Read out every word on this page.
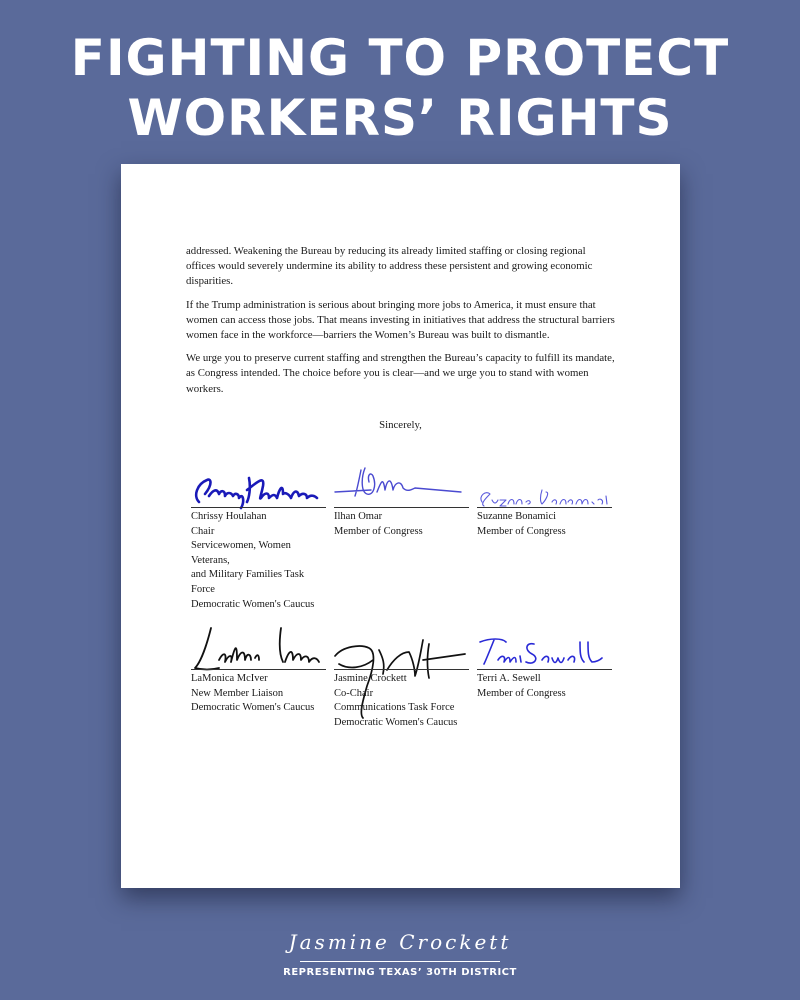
FIGHTING TO PROTECT
WORKERS’ RIGHTS

addressed. Weakening the Bureau by reducing its already limited staffing or closing regional offices would severely undermine its ability to address these persistent and growing economic disparities.

If the Trump administration is serious about bringing more jobs to America, it must ensure that women can access those jobs. That means investing in initiatives that address the structural barriers women face in the workforce—barriers the Women’s Bureau was built to dismantle.

We urge you to preserve current staffing and strengthen the Bureau’s capacity to fulfill its mandate, as Congress intended. The choice before you is clear—and we urge you to stand with women workers.

Sincerely,
Chrissy Houlahan
Chair
Servicewomen, Women
Veterans,
and Military Families Task
Force
Democratic Women's Caucus
Ilhan Omar
Member of Congress
Suzanne Bonamici
Member of Congress
LaMonica McIver
New Member Liaison
Democratic Women's Caucus
Jasmine Crockett
Co-Chair
Communications Task Force
Democratic Women's Caucus
Terri A. Sewell
Member of Congress
Jasmine Crockett
REPRESENTING TEXAS’ 30TH DISTRICT
